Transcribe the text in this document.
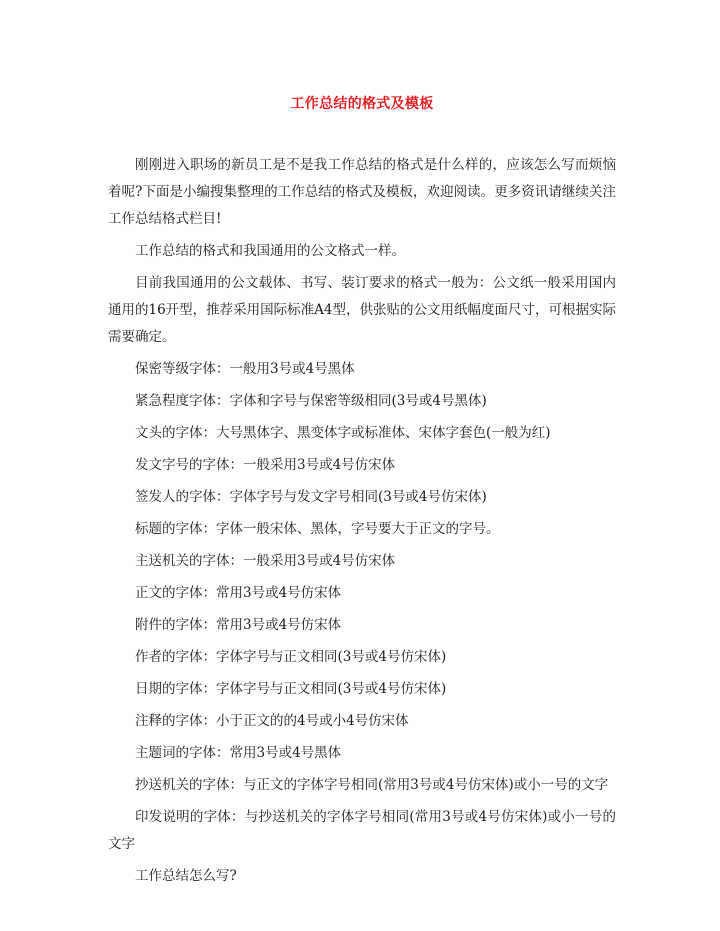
工作总结的格式及模板

刚刚进入职场的新员工是不是我工作总结的格式是什么样的，应该怎么写而烦恼着呢?下面是小编搜集整理的工作总结的格式及模板，欢迎阅读。更多资讯请继续关注工作总结格式栏目!

工作总结的格式和我国通用的公文格式一样。

目前我国通用的公文载体、书写、装订要求的格式一般为：公文纸一般采用国内通用的16开型，推荐采用国际标准A4型，供张贴的公文用纸幅度面尺寸，可根据实际需要确定。

保密等级字体：一般用3号或4号黑体

紧急程度字体：字体和字号与保密等级相同(3号或4号黑体)

文头的字体：大号黑体字、黑变体字或标准体、宋体字套色(一般为红)

发文字号的字体：一般采用3号或4号仿宋体

签发人的字体：字体字号与发文字号相同(3号或4号仿宋体)

标题的字体：字体一般宋体、黑体，字号要大于正文的字号。

主送机关的字体：一般采用3号或4号仿宋体

正文的字体：常用3号或4号仿宋体

附件的字体：常用3号或4号仿宋体

作者的字体：字体字号与正文相同(3号或4号仿宋体)

日期的字体：字体字号与正文相同(3号或4号仿宋体)

注释的字体：小于正文的的4号或小4号仿宋体

主题词的字体：常用3号或4号黑体

抄送机关的字体：与正文的字体字号相同(常用3号或4号仿宋体)或小一号的文字

印发说明的字体：与抄送机关的字体字号相同(常用3号或4号仿宋体)或小一号的文字

工作总结怎么写?
